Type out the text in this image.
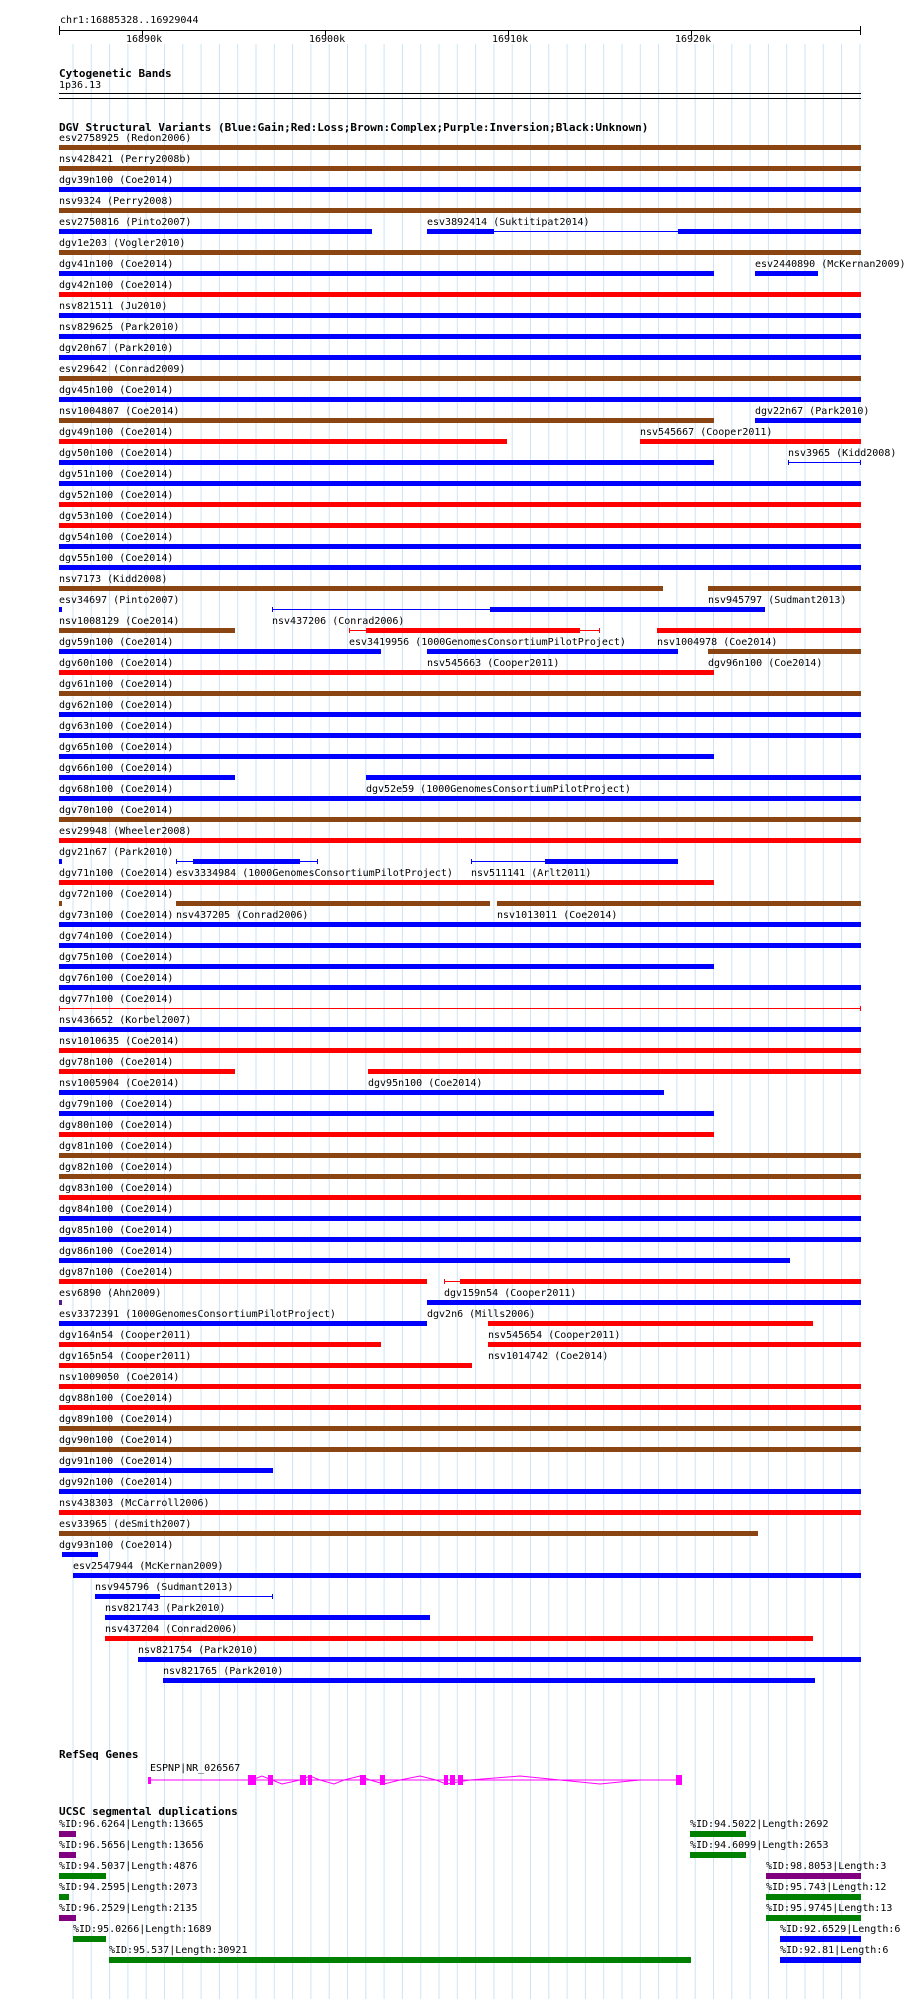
chr1:16885328..16929044
16890k	16900k	16910k	16920k
Cytogenetic Bands
1p36.13
DGV Structural Variants (Blue:Gain;Red:Loss;Brown:Complex;Purple:Inversion;Black:Unknown)
esv2758925 (Redon2006)
nsv428421 (Perry2008b)
dgv39n100 (Coe2014)
nsv9324 (Perry2008)
esv2750816 (Pinto2007)	esv3892414 (Suktitipat2014)
dgv1e203 (Vogler2010)
dgv41n100 (Coe2014)	esv2440890 (McKernan2009)
dgv42n100 (Coe2014)
nsv821511 (Ju2010)
nsv829625 (Park2010)
dgv20n67 (Park2010)
esv29642 (Conrad2009)
dgv45n100 (Coe2014)
nsv1004807 (Coe2014)	dgv22n67 (Park2010)
dgv49n100 (Coe2014)	nsv545667 (Cooper2011)
dgv50n100 (Coe2014)	nsv3965 (Kidd2008)
dgv51n100 (Coe2014)
dgv52n100 (Coe2014)
dgv53n100 (Coe2014)
dgv54n100 (Coe2014)
dgv55n100 (Coe2014)
nsv7173 (Kidd2008)
esv34697 (Pinto2007)	nsv945797 (Sudmant2013)
nsv1008129 (Coe2014)	nsv437206 (Conrad2006)
dgv59n100 (Coe2014)	esv3419956 (1000GenomesConsortiumPilotProject)	nsv1004978 (Coe2014)
dgv60n100 (Coe2014)	nsv545663 (Cooper2011)	dgv96n100 (Coe2014)
dgv61n100 (Coe2014)
dgv62n100 (Coe2014)
dgv63n100 (Coe2014)
dgv65n100 (Coe2014)
dgv66n100 (Coe2014)
dgv68n100 (Coe2014)	dgv52e59 (1000GenomesConsortiumPilotProject)
dgv70n100 (Coe2014)
esv29948 (Wheeler2008)
dgv21n67 (Park2010)
dgv71n100 (Coe2014) esv3334984 (1000GenomesConsortiumPilotProject) nsv511141 (Arlt2011)
dgv72n100 (Coe2014)
dgv73n100 (Coe2014) nsv437205 (Conrad2006)	nsv1013011 (Coe2014)
dgv74n100 (Coe2014)
dgv75n100 (Coe2014)
dgv76n100 (Coe2014)
dgv77n100 (Coe2014)
nsv436652 (Korbel2007)
nsv1010635 (Coe2014)
dgv78n100 (Coe2014)
nsv1005904 (Coe2014)	dgv95n100 (Coe2014)
dgv79n100 (Coe2014)
dgv80n100 (Coe2014)
dgv81n100 (Coe2014)
dgv82n100 (Coe2014)
dgv83n100 (Coe2014)
dgv84n100 (Coe2014)
dgv85n100 (Coe2014)
dgv86n100 (Coe2014)
dgv87n100 (Coe2014)
esv6890 (Ahn2009)	dgv159n54 (Cooper2011)
esv3372391 (1000GenomesConsortiumPilotProject)	dgv2n6 (Mills2006)
dgv164n54 (Cooper2011)	nsv545654 (Cooper2011)
dgv165n54 (Cooper2011)	nsv1014742 (Coe2014)
nsv1009050 (Coe2014)
dgv88n100 (Coe2014)
dgv89n100 (Coe2014)
dgv90n100 (Coe2014)
dgv91n100 (Coe2014)
dgv92n100 (Coe2014)
nsv438303 (McCarroll2006)
esv33965 (deSmith2007)
dgv93n100 (Coe2014)
esv2547944 (McKernan2009)
nsv945796 (Sudmant2013)
nsv821743 (Park2010)
nsv437204 (Conrad2006)
nsv821754 (Park2010)
nsv821765 (Park2010)
RefSeq Genes
ESPNP|NR_026567
UCSC segmental duplications
%ID:96.6264|Length:13665
%ID:96.5656|Length:13656
%ID:94.5037|Length:4876
%ID:94.2595|Length:2073
%ID:96.2529|Length:2135
%ID:95.0266|Length:1689
%ID:95.537|Length:30921
%ID:94.5022|Length:2692
%ID:94.6099|Length:2653
%ID:98.8053|Length:3
%ID:95.743|Length:12
%ID:95.9745|Length:13
%ID:92.6529|Length:6
%ID:92.81|Length:6
